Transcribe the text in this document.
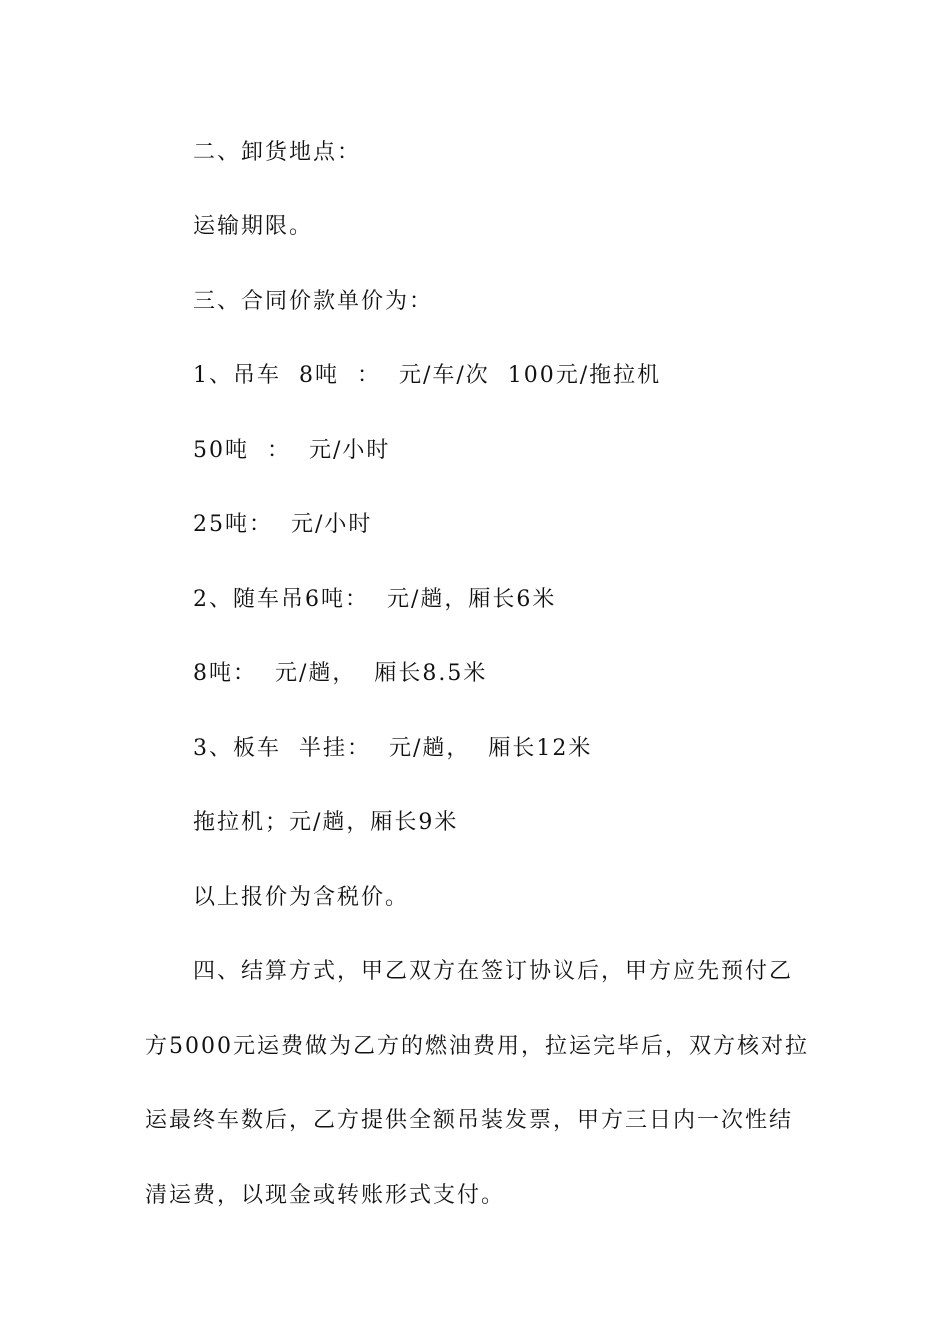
二、卸货地点：
运输期限。
三、合同价款单价为：
1、吊车  8吨  ：  元/车/次  100元/拖拉机
50吨  ：  元/小时
25吨：  元/小时
2、随车吊6吨：  元/趟，厢长6米
8吨：  元/趟，  厢长8.5米
3、板车  半挂：  元/趟，  厢长12米
拖拉机；元/趟，厢长9米
以上报价为含税价。
四、结算方式，甲乙双方在签订协议后，甲方应先预付乙
方5000元运费做为乙方的燃油费用，拉运完毕后，双方核对拉
运最终车数后，乙方提供全额吊装发票，甲方三日内一次性结
清运费，以现金或转账形式支付。
